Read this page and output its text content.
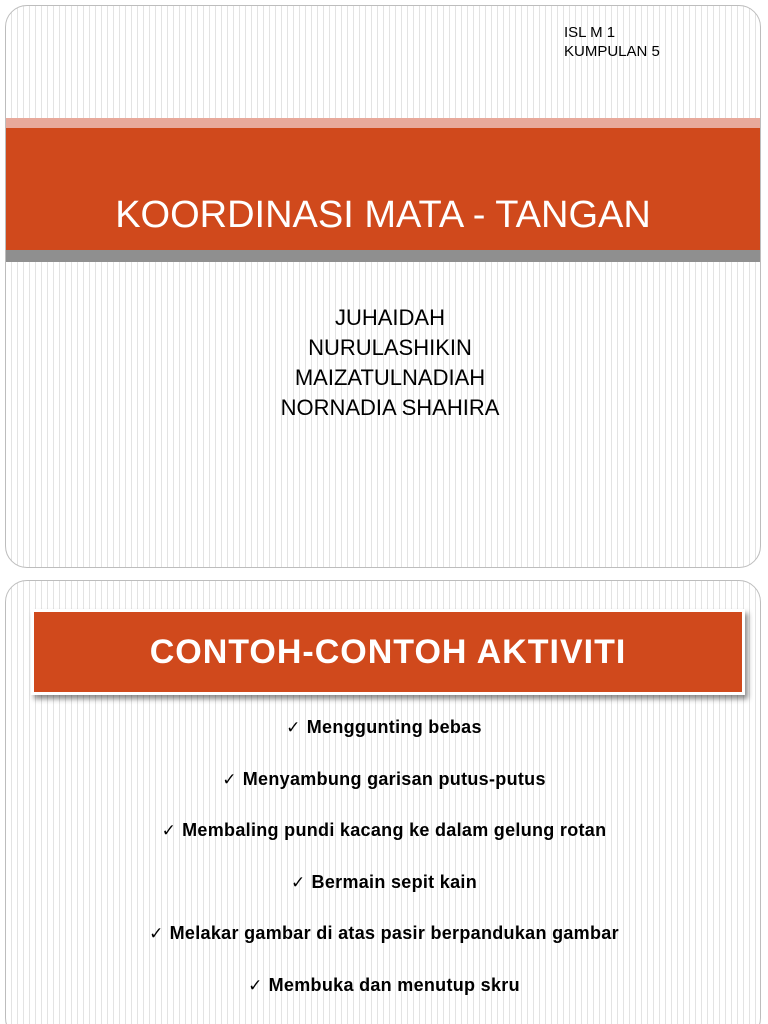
ISL M 1
KUMPULAN 5
KOORDINASI MATA - TANGAN
JUHAIDAH
NURULASHIKIN
MAIZATULNADIAH
NORNADIA SHAHIRA
CONTOH-CONTOH AKTIVITI
✓ Menggunting bebas
✓ Menyambung garisan putus-putus
✓ Membaling pundi kacang ke dalam gelung rotan
✓ Bermain sepit kain
✓ Melakar gambar di atas pasir berpandukan gambar
✓ Membuka dan menutup skru
